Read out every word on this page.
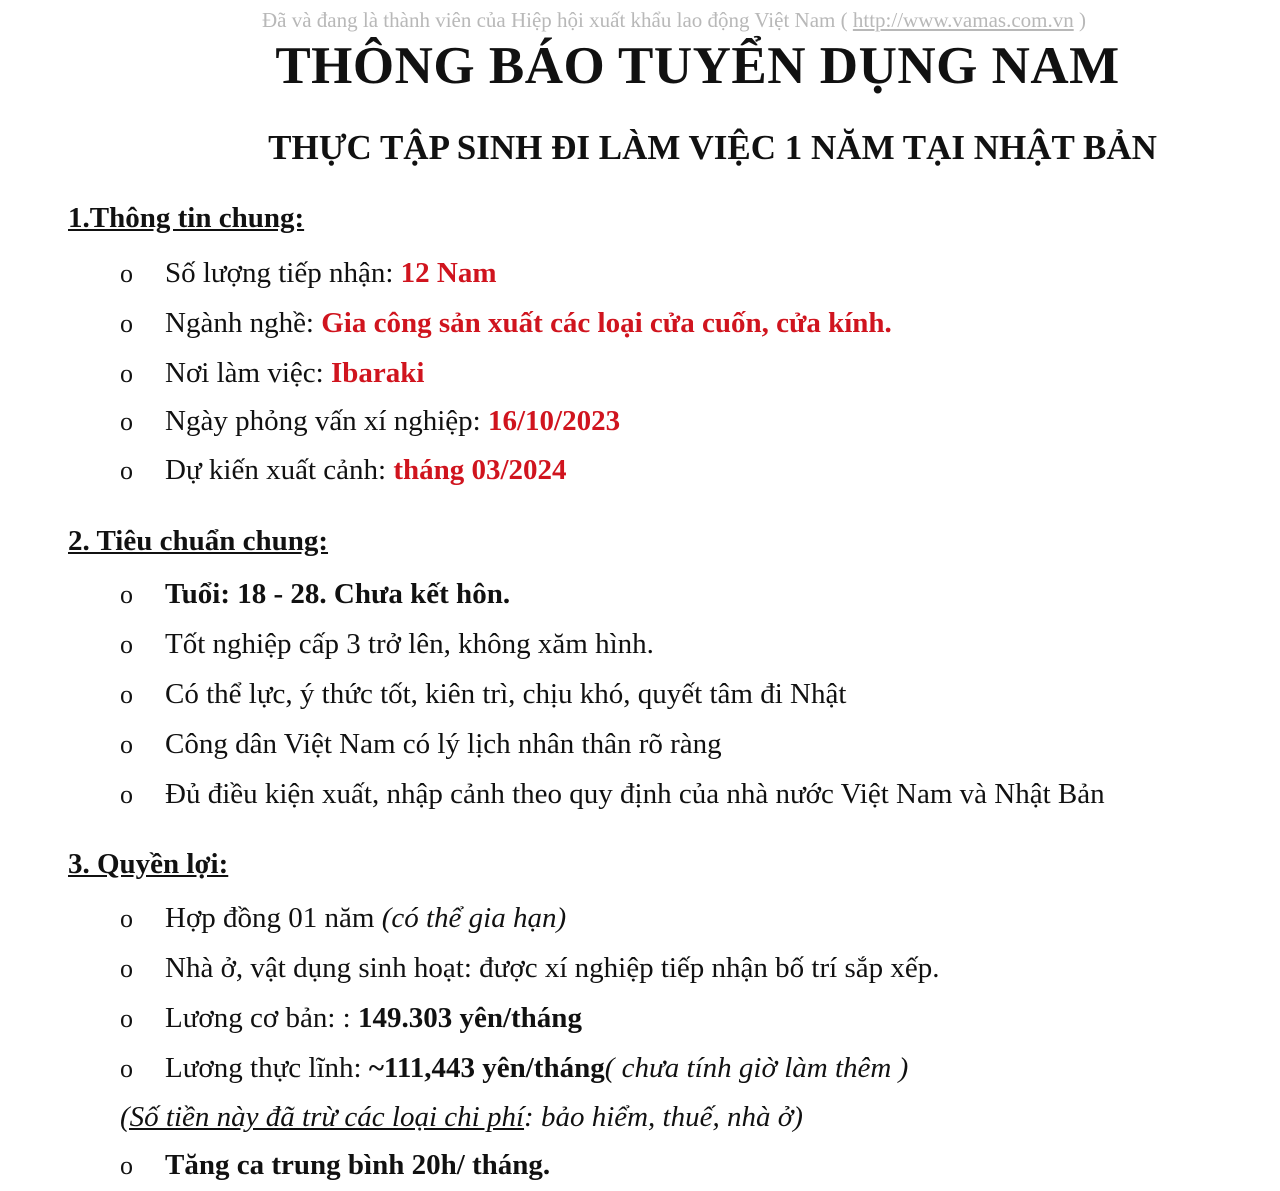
Đã và đang là thành viên của Hiệp hội xuất khẩu lao động Việt Nam ( http://www.vamas.com.vn )
THÔNG BÁO TUYỂN DỤNG NAM
THỰC TẬP SINH ĐI LÀM VIỆC 1 NĂM TẠI NHẬT BẢN
1.Thông tin chung:
o	Số lượng tiếp nhận:
12 Nam
o	Ngành nghề:
Gia công sản xuất các loại cửa cuốn, cửa kính.
o	Nơi làm việc:
Ibaraki
o	Ngày phỏng vấn xí nghiệp:
16/10/2023
o	Dự kiến xuất cảnh:
tháng 03/2024
2. Tiêu chuẩn chung:
o	Tuổi: 18 - 28. Chưa kết hôn.
o	Tốt nghiệp cấp 3 trở lên, không xăm hình.
o	Có thể lực, ý thức tốt, kiên trì, chịu khó, quyết tâm đi Nhật
o	Công dân Việt Nam có lý lịch nhân thân rõ ràng
o	Đủ điều kiện xuất, nhập cảnh theo quy định của nhà nước Việt Nam và Nhật Bản
3. Quyền lợi:
o	Hợp đồng 01 năm
(có thể gia hạn)
o	Nhà ở, vật dụng sinh hoạt: được xí nghiệp tiếp nhận bố trí sắp xếp.
o	Lương cơ bản: :
149.303 yên/tháng
o	Lương thực lĩnh:
~111,443 yên/tháng ( chưa tính giờ làm thêm )
(Số tiền này đã trừ các loại chi phí: bảo hiểm, thuế, nhà ở)
o	Tăng ca trung bình 20h/ tháng.
